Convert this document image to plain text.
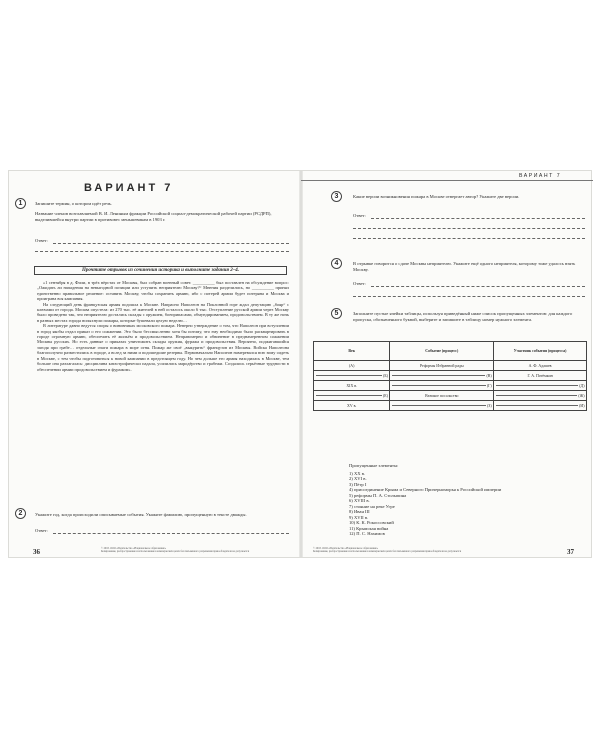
ВАРИАНТ 7
1	Запишите термин, о котором идёт речь.
Название членов возглавляемой В. И. Лениным фракции Российской социал-демократической рабочей партии (РСДРП), выделившейся внутри партии в противовес меньшевикам в 1903 г.
Ответ:
Прочтите отрывок из сочинения историка и выполните задания 2–4.

«1 сентября в д. Фили, в трёх вёрстах от Москвы, был собран военный совет. __________ был поставлен на обсуждение вопрос: „Ожидать ли нападения на невыгодной позиции или уступить неприятелю Москву?“ Мнения разделились, но __________ принял единственно правильное решение: оставить Москву, чтобы сохранить армию, ибо с потерей армии будет потеряна и Москва и проиграна вся кампания.

На следующий день французская армия подошла к Москве. Напрасно Наполеон на Поклонной горе ждал депутацию „бояр“ с ключами от города. Москва опустела: из 270 тыс. её жителей в ней осталось около 6 тыс. Отступление русской армии через Москву было проведено так, что неприятелю достались склады с оружием, боеприпасами, обмундированием, продовольствием. В ту же ночь в разных местах города вспыхнули пожары, которые бушевали целую неделю…

В литературе давно ведутся споры о виновниках московского пожара. Неверно утверждение о том, что Наполеон при вступлении в город якобы отдал приказ о его сожжении. Это было бессмысленно хотя бы потому, что ему необходимо было расквартировать в городе огромную армию, обеспечить её жильём и продовольствием. Неправомерно и обвинение в преднамеренном сожжении Москвы русских. Но есть данные о приказах уничтожить склады оружия, фуража и продовольствия. Вероятно, поджигавшийся загодя при грабе… отдельные очаги пожара в море огня. Пожар же своё „выкурить“ французов из Москвы. Войска Наполеона благополучно разместились в городе, а вслед за ними и подошедшие резервы. Первоначально Наполеон намеревался всю зиму сидеть в Москве, с тем чтобы подготовиться к новой кампании в предстоящем году. Но чем дольше его армия находилась в Москве, тем больше она разлагалась: дисциплина катастрофически падала, усилились мародёрство и грабежи. Создались серьёзные трудности в обеспечении армии продовольствием и фуражом».

2	Укажите год, когда происходили описываемые события. Укажите фамилию, пропущенную в тексте дважды.
Ответ:
36	© 2018. ООО «Издательство «Национальное образование»
Копирование, распространение и использование в коммерческих целях без письменного разрешения правообладателя не допускается
ВАРИАНТ 7
3	Какие версии возникновения пожара в Москве отвергает автор? Укажите две версии.
Ответ:
4	В отрывке говорится о сдаче Москвы неприятелю. Укажите ещё одного неприятеля, которому тоже удалось взять Москву.
Ответ:
5	Заполните пустые ячейки таблицы, используя приведённый ниже список пропущенных элементов: для каждого пропуска, обозначенного буквой, выберите и запишите в таблицу номер нужного элемента.
Век	Событие (процесс)	Участник события (процесса)
(А)	Реформы Избранной рады	А. Ф. Адашев

(Б)	(В)	Г. А. Потёмкин
XIX в.	(Г)	(Д)

(Е)	Великое посольство	(Ж)

XV в.	(З)	(И)
Пропущенные элементы:
1) XX в.
2) XVI в.
3) Пётр I
4) присоединение Крыма и Северного Причерноморья к Российской империи
5) реформы П. А. Столыпина
6) XVIII в.
7) стояние на реке Угре
8) Иван III
9) XVII в.
10) К. К. Рокоссовский
11) Крымская война
12) П. С. Нахимов
© 2018. ООО «Издательство «Национальное образование»
Копирование, распространение и использование в коммерческих целях без письменного разрешения правообладателя не допускается	37
